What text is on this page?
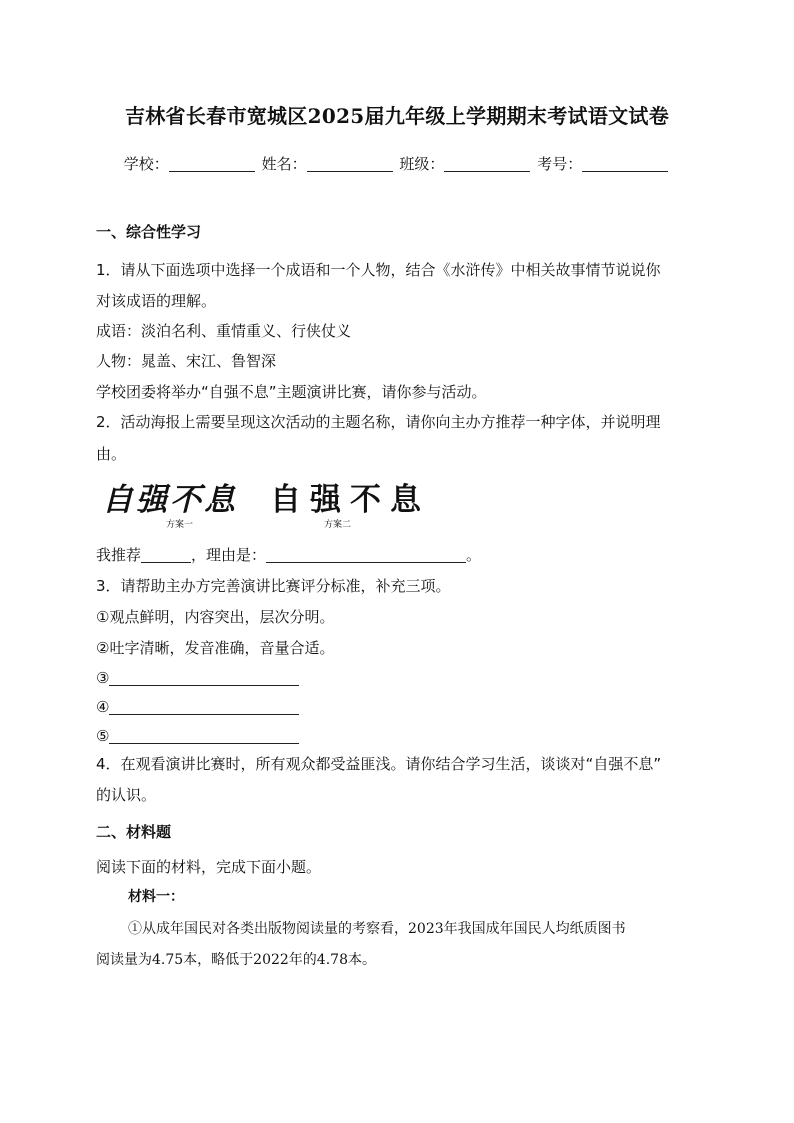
吉林省长春市宽城区2025届九年级上学期期末考试语文试卷
学校：	姓名：	班级：	考号：
一、综合性学习
1．请从下面选项中选择一个成语和一个人物，结合《水浒传》中相关故事情节说说你
对该成语的理解。
成语：淡泊名利、重情重义、行侠仗义
人物：晁盖、宋江、鲁智深
学校团委将举办“自强不息”主题演讲比赛，请你参与活动。
2．活动海报上需要呈现这次活动的主题名称，请你向主办方推荐一种字体，并说明理
由。
自强不息 自强不息
方案一	方案二
我推荐	，理由是：	。
3．请帮助主办方完善演讲比赛评分标准，补充三项。
①观点鲜明，内容突出，层次分明。
②吐字清晰，发音准确，音量合适。
③
④
⑤
4．在观看演讲比赛时，所有观众都受益匪浅。请你结合学习生活，谈谈对“自强不息”
的认识。
二、材料题
阅读下面的材料，完成下面小题。
材料一：
①从成年国民对各类出版物阅读量的考察看，2023年我国成年国民人均纸质图书
阅读量为4.75本，略低于2022年的4.78本。
